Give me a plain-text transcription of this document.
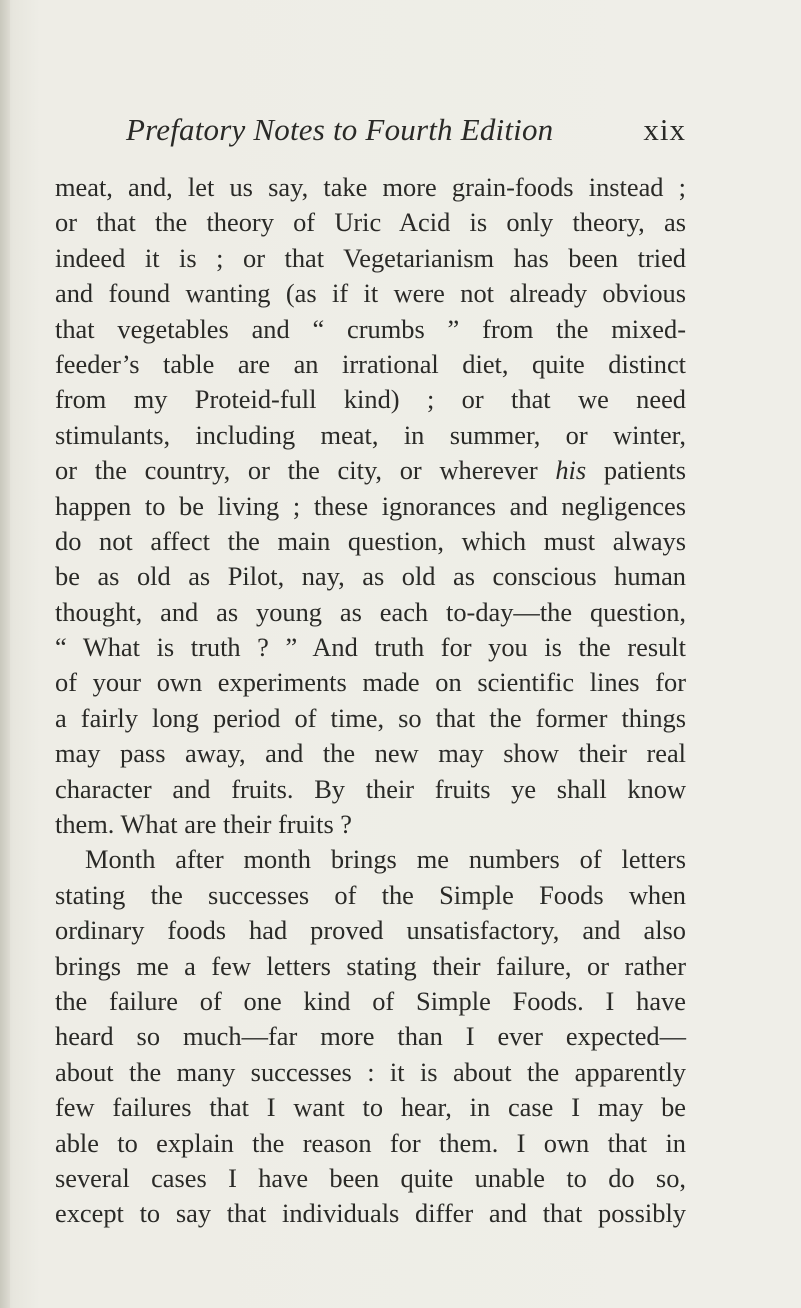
Prefatory Notes to Fourth Edition	xix
meat, and, let us say, take more grain-foods instead ;
or that the theory of Uric Acid is only theory, as
indeed it is ; or that Vegetarianism has been tried
and found wanting (as if it were not already obvious
that vegetables and “ crumbs ” from the mixed-
feeder’s table are an irrational diet, quite distinct
from my Proteid-full kind) ; or that we need
stimulants, including meat, in summer, or winter,
or the country, or the city, or wherever his patients
happen to be living ; these ignorances and negligences
do not affect the main question, which must always
be as old as Pilot, nay, as old as conscious human
thought, and as young as each to-day—the question,
“ What is truth ? ” And truth for you is the result
of your own experiments made on scientific lines for
a fairly long period of time, so that the former things
may pass away, and the new may show their real
character and fruits. By their fruits ye shall know
them. What are their fruits ?
Month after month brings me numbers of letters
stating the successes of the Simple Foods when
ordinary foods had proved unsatisfactory, and also
brings me a few letters stating their failure, or rather
the failure of one kind of Simple Foods. I have
heard so much—far more than I ever expected—
about the many successes : it is about the apparently
few failures that I want to hear, in case I may be
able to explain the reason for them. I own that in
several cases I have been quite unable to do so,
except to say that individuals differ and that possibly
